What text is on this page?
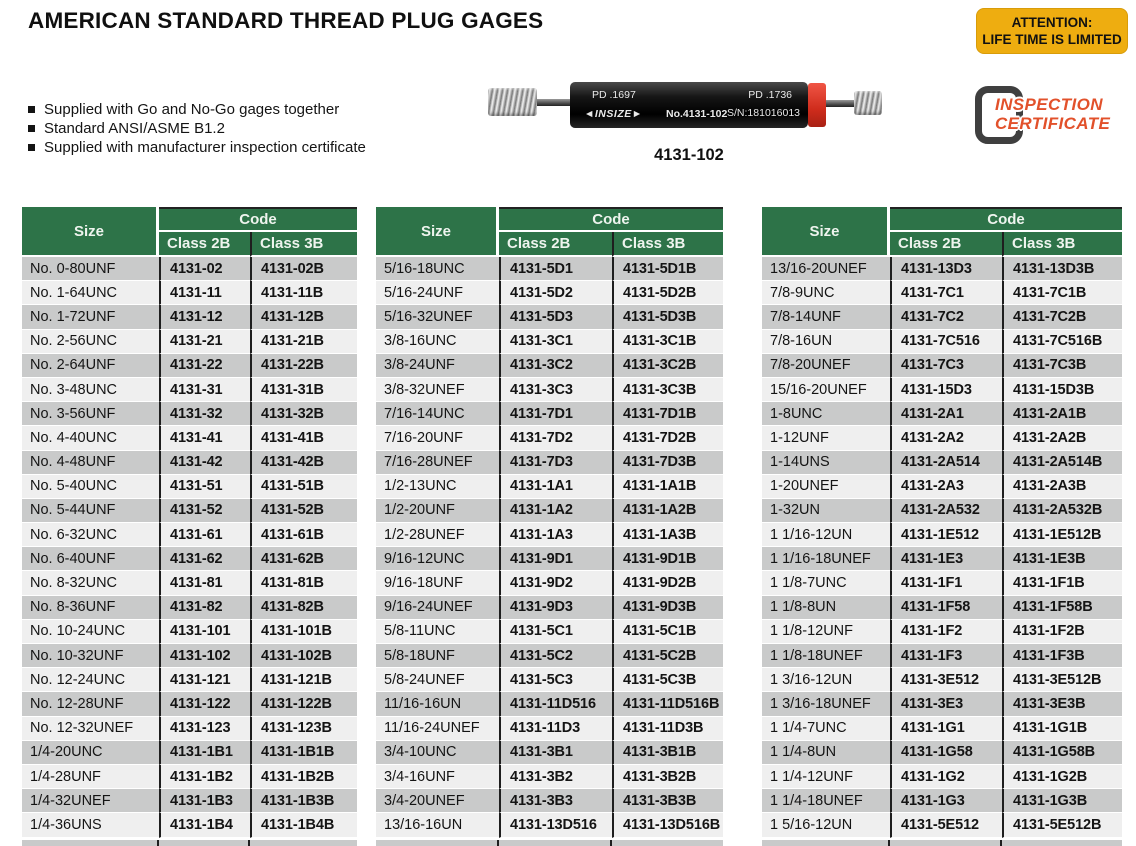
AMERICAN STANDARD THREAD PLUG GAGES	ATTENTION:
LIFE TIME IS LIMITED
Supplied with Go and No-Go gages together
Standard ANSI/ASME B1.2
Supplied with manufacturer inspection certificate
PD .1697	PD .1736
◄INSIZE► No.4131-102 S/N:181016013
4131-102
INSPECTION
CERTIFICATE
Size	Code	
	Class 2B	Class 3B
No. 0-80UNF	4131-02	4131-02B
No. 1-64UNC	4131-11	4131-11B
No. 1-72UNF	4131-12	4131-12B
No. 2-56UNC	4131-21	4131-21B
No. 2-64UNF	4131-22	4131-22B
No. 3-48UNC	4131-31	4131-31B
No. 3-56UNF	4131-32	4131-32B
No. 4-40UNC	4131-41	4131-41B
No. 4-48UNF	4131-42	4131-42B
No. 5-40UNC	4131-51	4131-51B
No. 5-44UNF	4131-52	4131-52B
No. 6-32UNC	4131-61	4131-61B
No. 6-40UNF	4131-62	4131-62B
No. 8-32UNC	4131-81	4131-81B
No. 8-36UNF	4131-82	4131-82B
No. 10-24UNC	4131-101	4131-101B
No. 10-32UNF	4131-102	4131-102B
No. 12-24UNC	4131-121	4131-121B
No. 12-28UNF	4131-122	4131-122B
No. 12-32UNEF	4131-123	4131-123B
1/4-20UNC	4131-1B1	4131-1B1B
1/4-28UNF	4131-1B2	4131-1B2B
1/4-32UNEF	4131-1B3	4131-1B3B
1/4-36UNS	4131-1B4	4131-1B4B
Size	Code	
	Class 2B	Class 3B
5/16-18UNC	4131-5D1	4131-5D1B
5/16-24UNF	4131-5D2	4131-5D2B
5/16-32UNEF	4131-5D3	4131-5D3B
3/8-16UNC	4131-3C1	4131-3C1B
3/8-24UNF	4131-3C2	4131-3C2B
3/8-32UNEF	4131-3C3	4131-3C3B
7/16-14UNC	4131-7D1	4131-7D1B
7/16-20UNF	4131-7D2	4131-7D2B
7/16-28UNEF	4131-7D3	4131-7D3B
1/2-13UNC	4131-1A1	4131-1A1B
1/2-20UNF	4131-1A2	4131-1A2B
1/2-28UNEF	4131-1A3	4131-1A3B
9/16-12UNC	4131-9D1	4131-9D1B
9/16-18UNF	4131-9D2	4131-9D2B
9/16-24UNEF	4131-9D3	4131-9D3B
5/8-11UNC	4131-5C1	4131-5C1B
5/8-18UNF	4131-5C2	4131-5C2B
5/8-24UNEF	4131-5C3	4131-5C3B
11/16-16UN	4131-11D516	4131-11D516B
11/16-24UNEF	4131-11D3	4131-11D3B
3/4-10UNC	4131-3B1	4131-3B1B
3/4-16UNF	4131-3B2	4131-3B2B
3/4-20UNEF	4131-3B3	4131-3B3B
13/16-16UN	4131-13D516	4131-13D516B
Size	Code	
	Class 2B	Class 3B
13/16-20UNEF	4131-13D3	4131-13D3B
7/8-9UNC	4131-7C1	4131-7C1B
7/8-14UNF	4131-7C2	4131-7C2B
7/8-16UN	4131-7C516	4131-7C516B
7/8-20UNEF	4131-7C3	4131-7C3B
15/16-20UNEF	4131-15D3	4131-15D3B
1-8UNC	4131-2A1	4131-2A1B
1-12UNF	4131-2A2	4131-2A2B
1-14UNS	4131-2A514	4131-2A514B
1-20UNEF	4131-2A3	4131-2A3B
1-32UN	4131-2A532	4131-2A532B
1 1/16-12UN	4131-1E512	4131-1E512B
1 1/16-18UNEF	4131-1E3	4131-1E3B
1 1/8-7UNC	4131-1F1	4131-1F1B
1 1/8-8UN	4131-1F58	4131-1F58B
1 1/8-12UNF	4131-1F2	4131-1F2B
1 1/8-18UNEF	4131-1F3	4131-1F3B
1 3/16-12UN	4131-3E512	4131-3E512B
1 3/16-18UNEF	4131-3E3	4131-3E3B
1 1/4-7UNC	4131-1G1	4131-1G1B
1 1/4-8UN	4131-1G58	4131-1G58B
1 1/4-12UNF	4131-1G2	4131-1G2B
1 1/4-18UNEF	4131-1G3	4131-1G3B
1 5/16-12UN	4131-5E512	4131-5E512B
